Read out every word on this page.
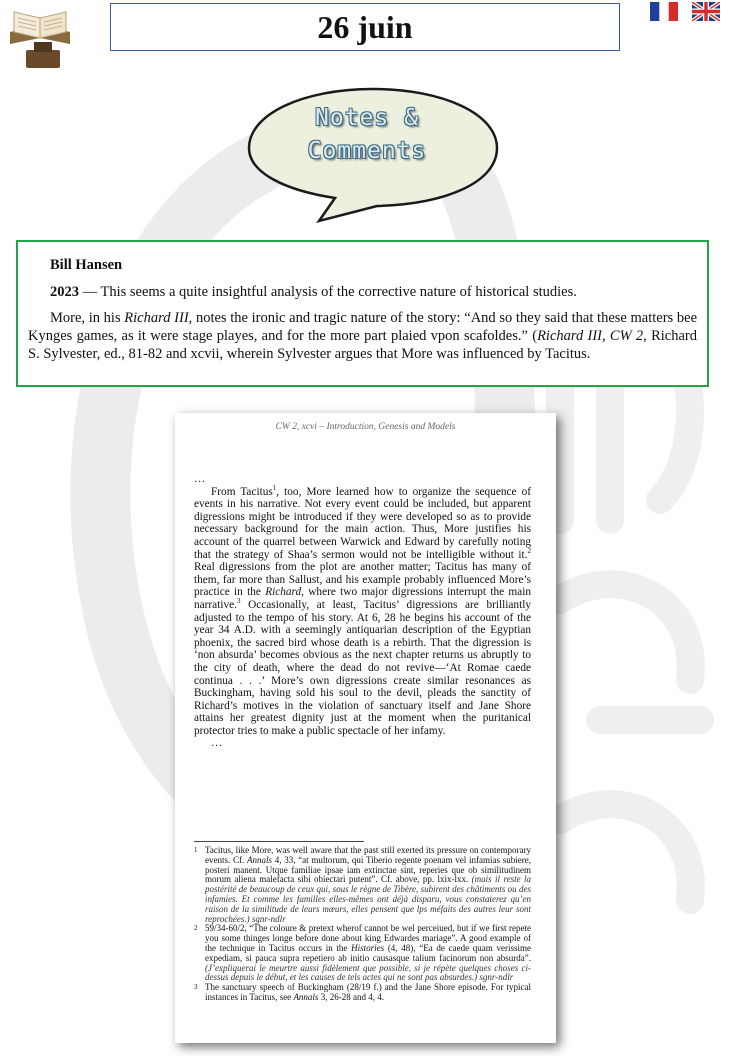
26 juin
Notes &
Comments

Bill Hansen

2023 — This seems a quite insightful analysis of the corrective nature of historical studies.

More, in his Richard III, notes the ironic and tragic nature of the story: “And so they said that these matters bee Kynges games, as it were stage playes, and for the more part plaied vpon scafoldes.” (Richard III, CW 2, Richard S. Sylvester, ed., 81-82 and xcvii, wherein Sylvester argues that More was influenced by Tacitus.

CW 2, xcvi – Introduction, Genesis and Models

…

From Tacitus$^1$, too, More learned how to organize the sequence of events in his narrative. Not every event could be included, but apparent digressions might be introduced if they were developed so as to provide necessary background for the main action. Thus, More justifies his account of the quarrel between Warwick and Edward by carefully noting that the strategy of Shaa’s sermon would not be intelligible without it.$^2$ Real digressions from the plot are another matter; Tacitus has many of them, far more than Sallust, and his example probably influenced More’s practice in the Richard, where two major digressions interrupt the main narrative.$^3$ Occasionally, at least, Tacitus’ digressions are brilliantly adjusted to the tempo of his story. At 6, 28 he begins his account of the year 34 A.D. with a seemingly antiquarian description of the Egyptian phoenix, the sacred bird whose death is a rebirth. That the digression is ‘non absurda’ becomes obvious as the next chapter returns us abruptly to the city of death, where the dead do not revive—‘At Romae caede continua . . .’ More’s own digressions create similar resonances as Buckingham, having sold his soul to the devil, pleads the sanctity of Richard’s motives in the violation of sanctuary itself and Jane Shore attains her greatest dignity just at the moment when the puritanical protector tries to make a public spectacle of her infamy.

…

1 Tacitus, like More, was well aware that the past still exerted its pressure on contemporary events. Cf. Annals 4, 33, “at multorum, qui Tiberio regente poenam vel infamias subiere, posteri manent. Utque familiae ipsae iam extinctae sint, reperies que ob similitudinem morum aliena malefacta sibi obiectari putent”. Cf. above, pp. lxix-lxx. (mais il reste la postérité de beaucoup de ceux qui, sous le règne de Tibère, subirent des châtiments ou des infamies. Et comme les familles elles-mêmes ont déjà disparu, vous constaterez qu’en raison de la similitude de leurs mœurs, elles pensent que lps méfaits des autres leur sont reprochées.) sgnr-ndlr

2 59/34-60/2, “The coloure & pretext wherof cannot be wel perceiued, but if we first repete you some thinges longe before done about king Edwardes mariage”. A good example of the technique in Tacitus occurs in the Histories (4, 48), “Ea de caede quam verissime expediam, si pauca supra repetiero ab initio causasque talium facinorum non absurda”. (J’expliquerai le meurtre aussi fidèlement que possible, si je répète quelques choses ci-dessus depuis le début, et les causes de tels actes qui ne sont pas absurdes.) sgnr-ndlr

3 The sanctuary speech of Buckingham (28/19 f.) and the Jane Shore episode. For typical instances in Tacitus, see Annals 3, 26-28 and 4, 4.
